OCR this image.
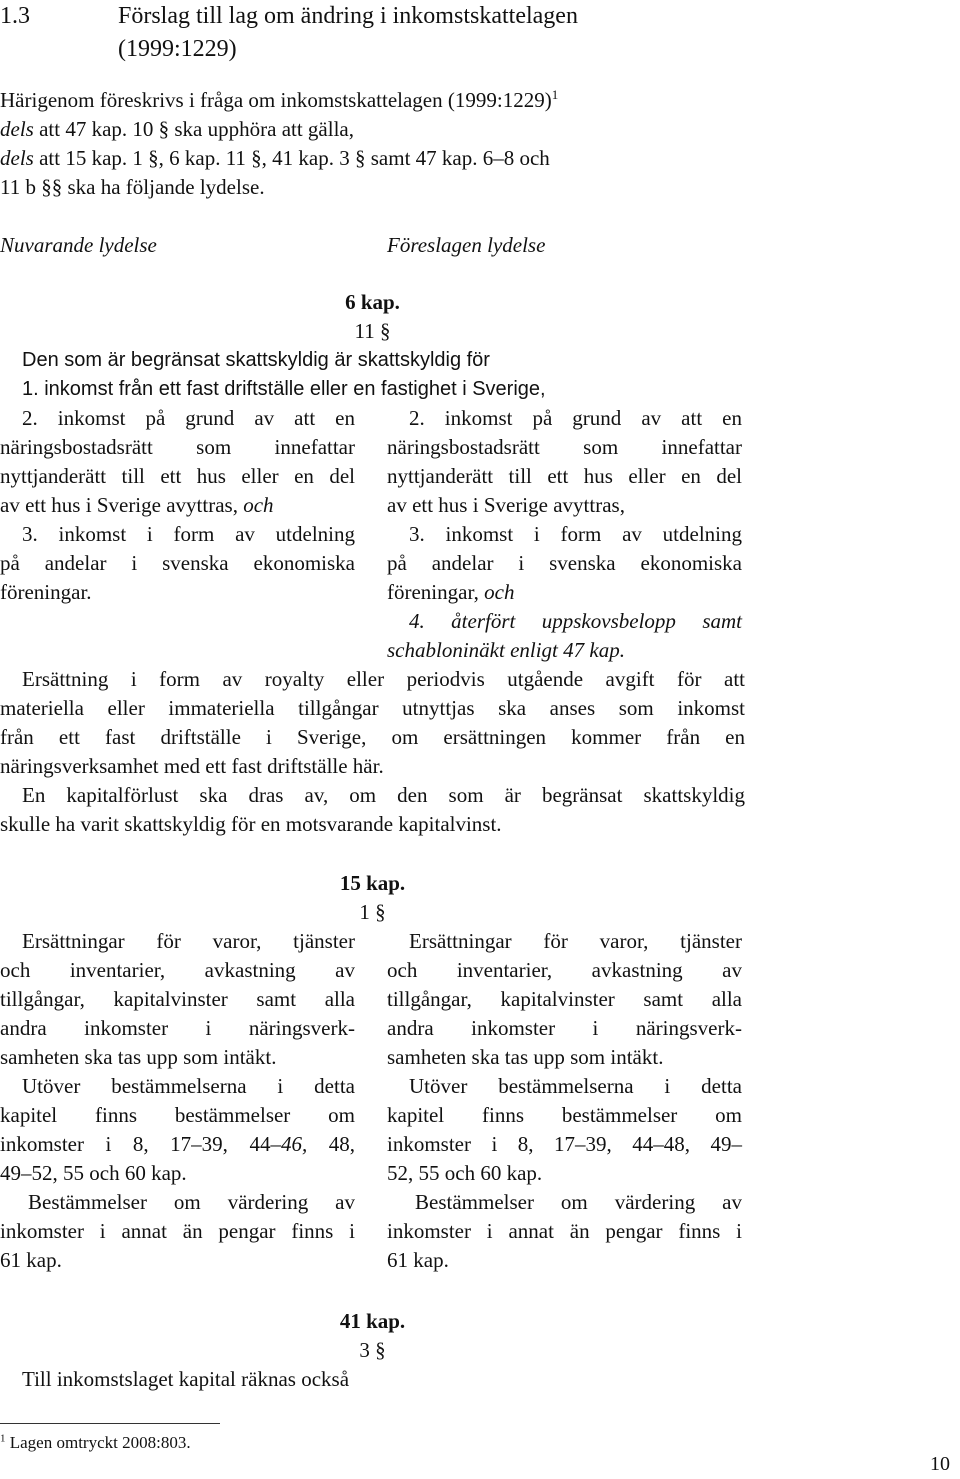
1.3	Förslag till lag om ändring i inkomstskattelagen
(1999:1229)
Härigenom föreskrivs i fråga om inkomstskattelagen (1999:1229)$^1$
dels att 47 kap. 10 § ska upphöra att gälla,
dels att 15 kap. 1 §, 6 kap. 11 §, 41 kap. 3 § samt 47 kap. 6–8 och
11 b §§ ska ha följande lydelse.
Nuvarande lydelse	Föreslagen lydelse
6 kap.
11 §
Den som är begränsat skattskyldig är skattskyldig för
1. inkomst från ett fast driftställe eller en fastighet i Sverige,
2. inkomst på grund av att en
näringsbostadsrätt som innefattar
nyttjanderätt till ett hus eller en del
av ett hus i Sverige avyttras, och
3. inkomst i form av utdelning
på andelar i svenska ekonomiska
föreningar.
2. inkomst på grund av att en
näringsbostadsrätt som innefattar
nyttjanderätt till ett hus eller en del
av ett hus i Sverige avyttras,
3. inkomst i form av utdelning
på andelar i svenska ekonomiska
föreningar, och
4. återfört uppskovsbelopp samt
schabloninäkt enligt 47 kap.
Ersättning i form av royalty eller periodvis utgående avgift för att
materiella eller immateriella tillgångar utnyttjas ska anses som inkomst
från ett fast driftställe i Sverige, om ersättningen kommer från en
näringsverksamhet med ett fast driftställe här.
En kapitalförlust ska dras av, om den som är begränsat skattskyldig
skulle ha varit skattskyldig för en motsvarande kapitalvinst.
15 kap.
1 §
Ersättningar för varor, tjänster
och inventarier, avkastning av
tillgångar, kapitalvinster samt alla
andra inkomster i näringsverk-
samheten ska tas upp som intäkt.
Utöver bestämmelserna i detta
kapitel finns bestämmelser om
inkomster i 8, 17–39, 44–46, 48,
49–52, 55 och 60 kap.
Bestämmelser om värdering av
inkomster i annat än pengar finns i
61 kap.
Ersättningar för varor, tjänster
och inventarier, avkastning av
tillgångar, kapitalvinster samt alla
andra inkomster i näringsverk-
samheten ska tas upp som intäkt.
Utöver bestämmelserna i detta
kapitel finns bestämmelser om
inkomster i 8, 17–39, 44–48, 49–
52, 55 och 60 kap.
Bestämmelser om värdering av
inkomster i annat än pengar finns i
61 kap.
41 kap.
3 §
Till inkomstslaget kapital räknas också
$^1$ Lagen omtryckt 2008:803.
10
